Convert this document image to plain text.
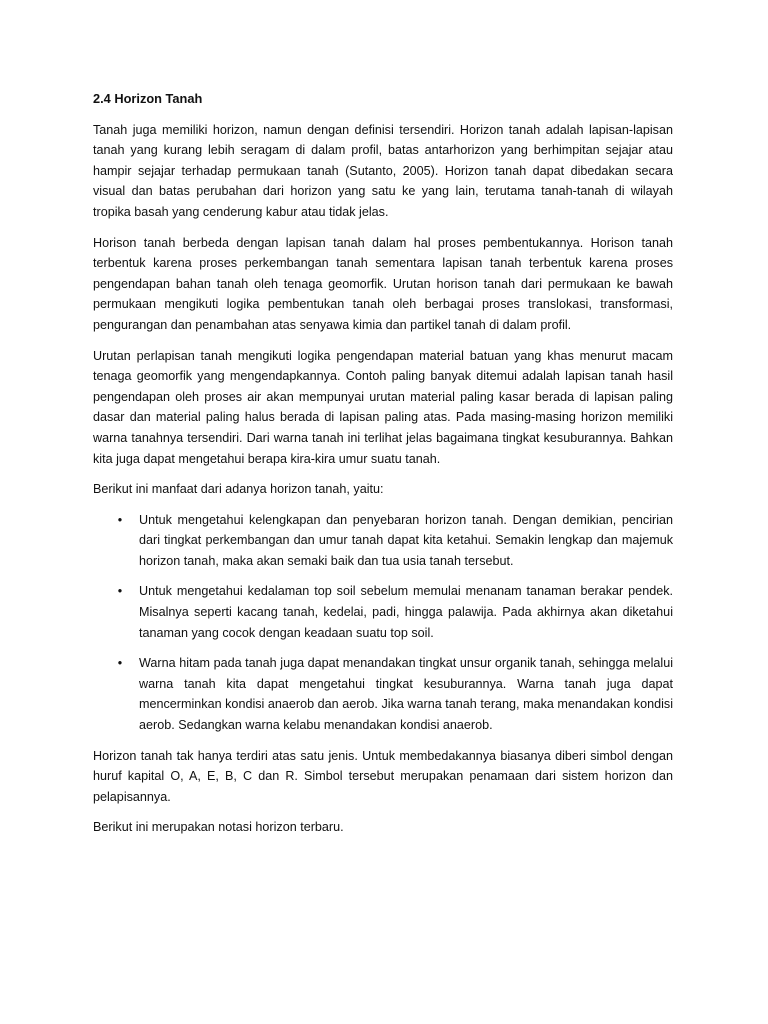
2.4 Horizon Tanah

Tanah juga memiliki horizon, namun dengan definisi tersendiri. Horizon tanah adalah lapisan-lapisan tanah yang kurang lebih seragam di dalam profil, batas antarhorizon yang berhimpitan sejajar atau hampir sejajar terhadap permukaan tanah (Sutanto, 2005). Horizon tanah dapat dibedakan secara visual dan batas perubahan dari horizon yang satu ke yang lain, terutama tanah-tanah di wilayah tropika basah yang cenderung kabur atau tidak jelas.

Horison tanah berbeda dengan lapisan tanah dalam hal proses pembentukannya. Horison tanah terbentuk karena proses perkembangan tanah sementara lapisan tanah terbentuk karena proses pengendapan bahan tanah oleh tenaga geomorfik. Urutan horison tanah dari permukaan ke bawah permukaan mengikuti logika pembentukan tanah oleh berbagai proses translokasi, transformasi, pengurangan dan penambahan atas senyawa kimia dan partikel tanah di dalam profil.

Urutan perlapisan tanah mengikuti logika pengendapan material batuan yang khas menurut macam tenaga geomorfik yang mengendapkannya. Contoh paling banyak ditemui adalah lapisan tanah hasil pengendapan oleh proses air akan mempunyai urutan material paling kasar berada di lapisan paling dasar dan material paling halus berada di lapisan paling atas. Pada masing-masing horizon memiliki warna tanahnya tersendiri. Dari warna tanah ini terlihat jelas bagaimana tingkat kesuburannya. Bahkan kita juga dapat mengetahui berapa kira-kira umur suatu tanah.

Berikut ini manfaat dari adanya horizon tanah, yaitu:

• Untuk mengetahui kelengkapan dan penyebaran horizon tanah. Dengan demikian, pencirian dari tingkat perkembangan dan umur tanah dapat kita ketahui. Semakin lengkap dan majemuk horizon tanah, maka akan semaki baik dan tua usia tanah tersebut.
• Untuk mengetahui kedalaman top soil sebelum memulai menanam tanaman berakar pendek. Misalnya seperti kacang tanah, kedelai, padi, hingga palawija. Pada akhirnya akan diketahui tanaman yang cocok dengan keadaan suatu top soil.
• Warna hitam pada tanah juga dapat menandakan tingkat unsur organik tanah, sehingga melalui warna tanah kita dapat mengetahui tingkat kesuburannya. Warna tanah juga dapat mencerminkan kondisi anaerob dan aerob. Jika warna tanah terang, maka menandakan kondisi aerob. Sedangkan warna kelabu menandakan kondisi anaerob.

Horizon tanah tak hanya terdiri atas satu jenis. Untuk membedakannya biasanya diberi simbol dengan huruf kapital O, A, E, B, C dan R. Simbol tersebut merupakan penamaan dari sistem horizon dan pelapisannya.

Berikut ini merupakan notasi horizon terbaru.
